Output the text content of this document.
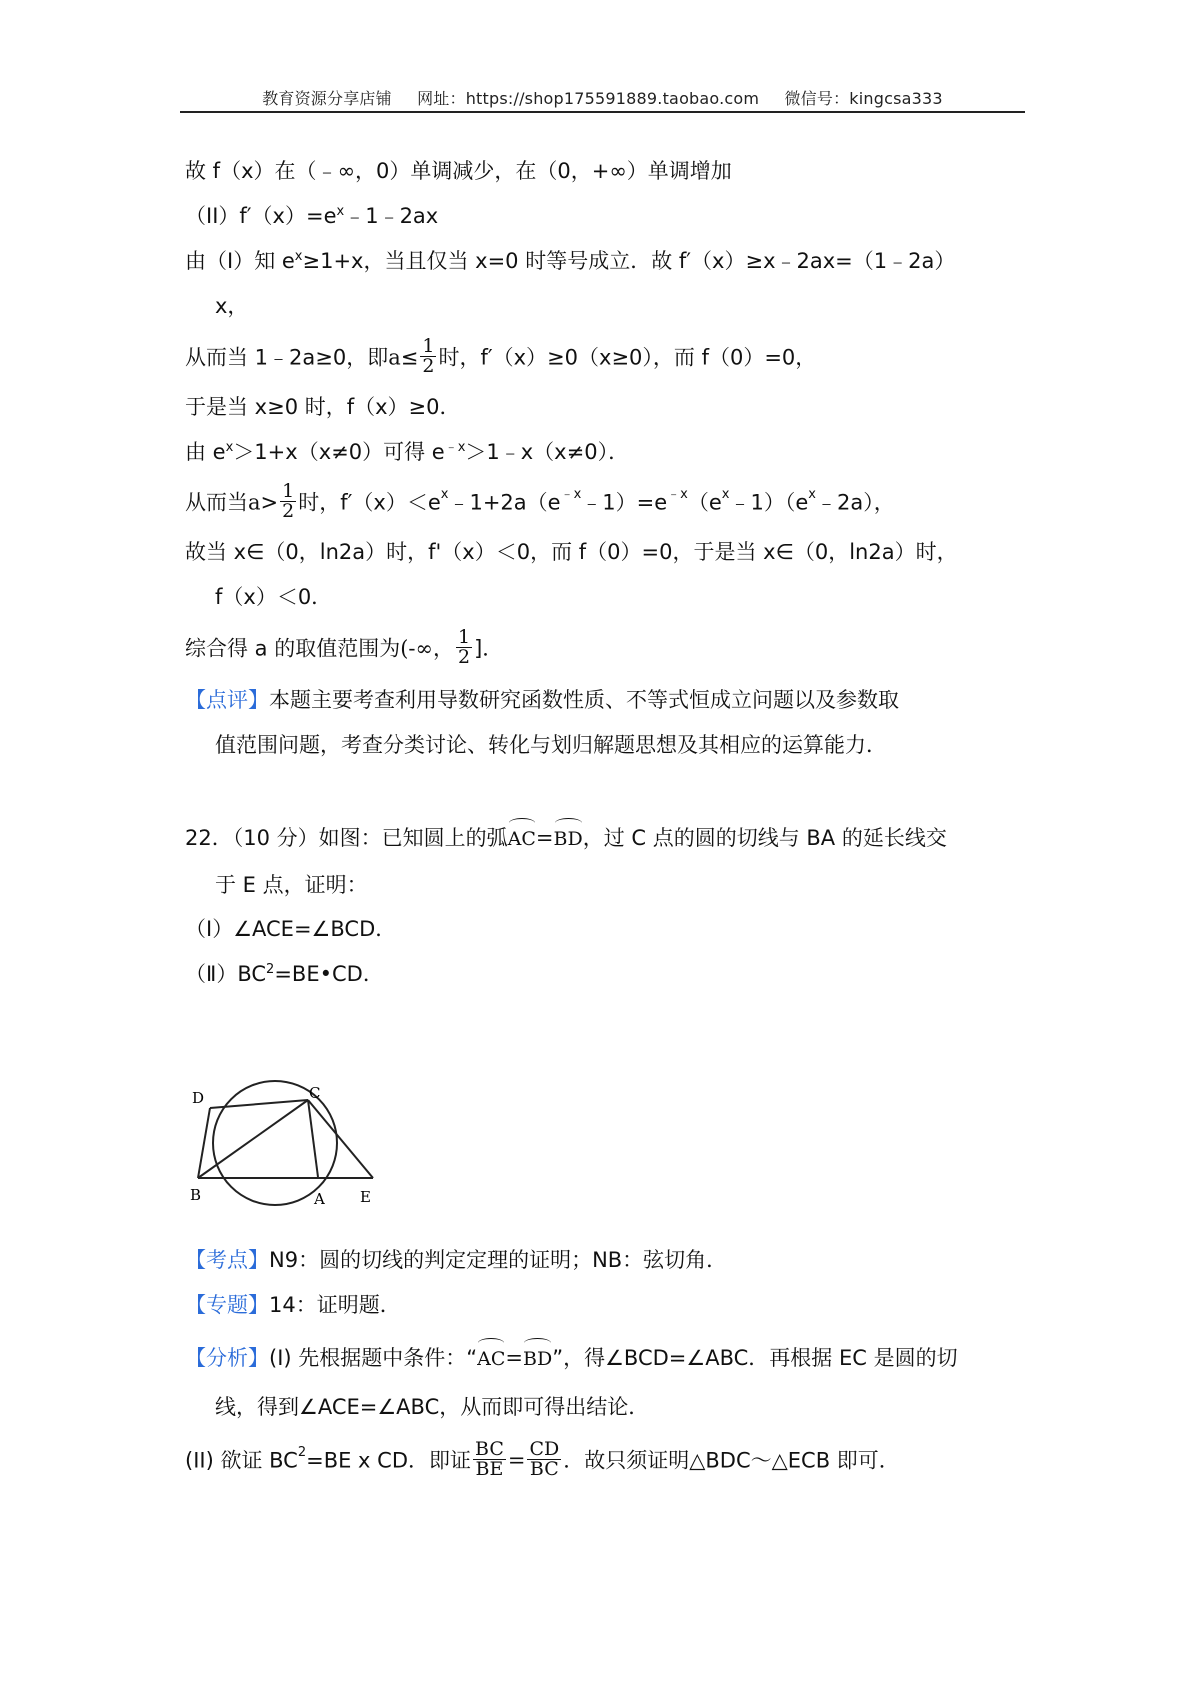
教育资源分享店铺 网址：https://shop175591889.taobao.com 微信号：kingcsa333
故 f（x）在（﹣∞，0）单调减少，在（0，+∞）单调增加
$(II)f'(x)=e^x﹣1﹣2ax$
由（I）知 $e^x\ge 1+x$，当且仅当 x=0 时等号成立．故 f′（x）≥x﹣2ax=（1﹣2a）
x，
从而当 1﹣2a≥0，即$a\le \frac{1}{2}$ 时，f′（x）≥0（x≥0），而 f（0）=0，
于是当 x≥0 时，f（x）≥0．
由 $e^x>1+x(x\ne 0)$可得 $e^{﹣x}>1﹣x(x\ne 0)$．
从而当$a> \frac{1}{2}$ 时，$f'(x)<e^x﹣1+2a(e^{﹣x}﹣1)=e^{﹣x}(e^x﹣1)(e^x﹣2a)$，
故当 x∈（0，ln2a）时，f'（x）＜0，而 f（0）=0，于是当 x∈（0，ln2a）时，
f（x）＜0．
综合得 a 的取值范围为(-∞， $\frac{1}{2}$ ]．
【点评】本题主要考查利用导数研究函数性质、不等式恒成立问题以及参数取
值范围问题，考查分类讨论、转化与划归解题思想及其相应的运算能力．
22．（10 分）如图：已知圆上的弧AC=BD，过 C 点的圆的切线与 BA 的延长线交
于 E 点，证明：
（Ⅰ）∠ACE=∠BCD．
$(Ⅱ)BC^2=BE•CD$．
D	C
B	A E
【考点】N9：圆的切线的判定定理的证明；NB：弦切角．
【专题】14：证明题．
【分析】(Ⅰ) 先根据题中条件：“AC=BD”，得∠BCD=∠ABC．再根据 EC 是圆的切
线，得到∠ACE=∠ABC，从而即可得出结论．
(II) 欲证 $BC^2=BE$ x CD．即证 $\frac{BC}{BE} = \frac{CD}{BC}$ ．故只须证明△BDC～△ECB 即可．
